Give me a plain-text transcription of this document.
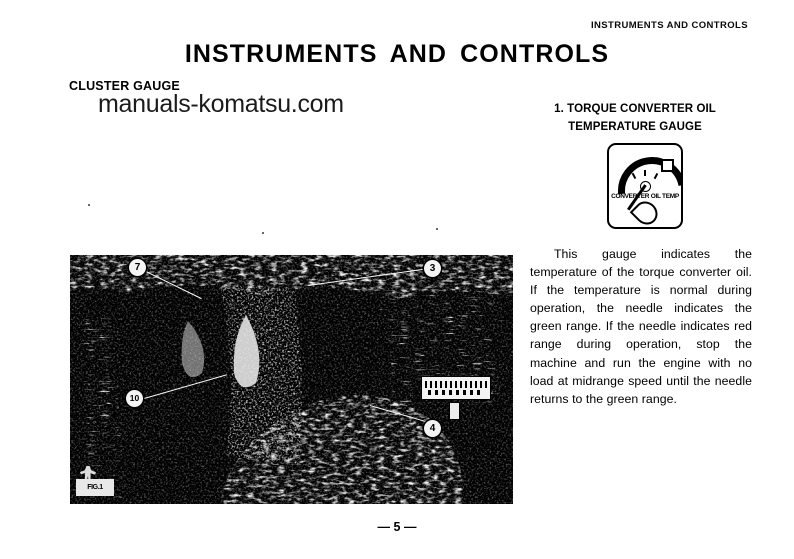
INSTRUMENTS AND CONTROLS
INSTRUMENTS AND CONTROLS
CLUSTER GAUGE
manuals-komatsu.com
FIG.1
7	3
10
4
1. TORQUE CONVERTER OIL
TEMPERATURE GAUGE
CONVERTER OIL TEMP
This gauge indicates the temperature of the torque converter oil. If the temperature is normal during operation, the needle indicates the green range. If the needle indicates red range during operation, stop the machine and run the engine with no load at midrange speed until the needle returns to the green range.
— 5 —
